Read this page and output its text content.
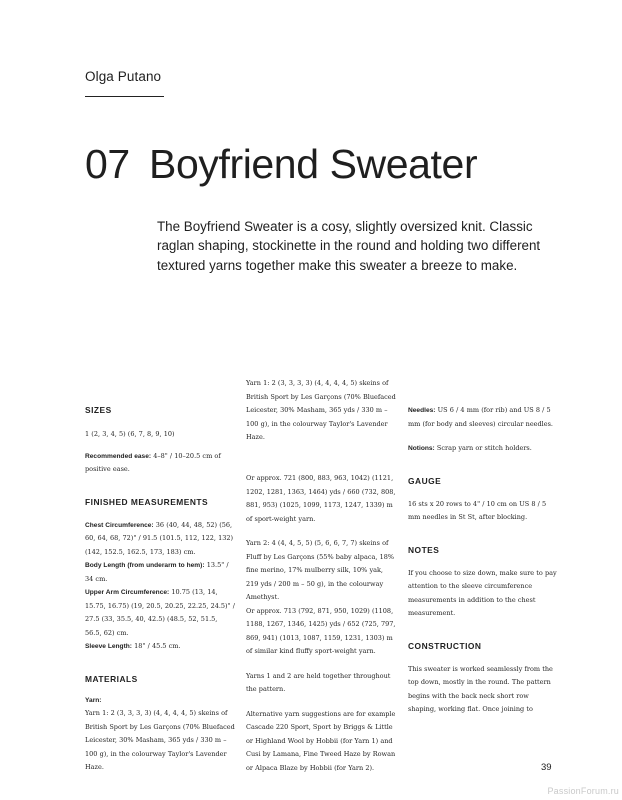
Olga Putano
07 Boyfriend Sweater

The Boyfriend Sweater is a cosy, slightly oversized knit. Classic raglan shaping, stockinette in the round and holding two different textured yarns together make this sweater a breeze to make.

SIZES

1 (2, 3, 4, 5) (6, 7, 8, 9, 10)

Recommended ease: 4–8" / 10–20.5 cm of positive ease.

FINISHED MEASUREMENTS

Chest Circumference: 36 (40, 44, 48, 52) (56, 60, 64, 68, 72)" / 91.5 (101.5, 112, 122, 132) (142, 152.5, 162.5, 173, 183) cm.

Body Length (from underarm to hem): 13.5" / 34 cm.

Upper Arm Circumference: 10.75 (13, 14, 15.75, 16.75) (19, 20.5, 20.25, 22.25, 24.5)" / 27.5 (33, 35.5, 40, 42.5) (48.5, 52, 51.5, 56.5, 62) cm.

Sleeve Length: 18" / 45.5 cm.

MATERIALS

Yarn:

Yarn 1: 2 (3, 3, 3, 3) (4, 4, 4, 4, 5) skeins of British Sport by Les Garçons (70% Bluefaced Leicester, 30% Masham, 365 yds / 330 m – 100 g), in the colourway Taylor's Lavender Haze.

Yarn 1: 2 (3, 3, 3, 3) (4, 4, 4, 4, 5) skeins of British Sport by Les Garçons (70% Bluefaced Leicester, 30% Masham, 365 yds / 330 m – 100 g), in the colourway Taylor's Lavender Haze.

Or approx. 721 (800, 883, 963, 1042) (1121, 1202, 1281, 1363, 1464) yds / 660 (732, 808, 881, 953) (1025, 1099, 1173, 1247, 1339) m of sport-weight yarn.

Yarn 2: 4 (4, 4, 5, 5) (5, 6, 6, 7, 7) skeins of Fluff by Les Garçons (55% baby alpaca, 18% fine merino, 17% mulberry silk, 10% yak, 219 yds / 200 m – 50 g), in the colourway Amethyst.

Or approx. 713 (792, 871, 950, 1029) (1108, 1188, 1267, 1346, 1425) yds / 652 (725, 797, 869, 941) (1013, 1087, 1159, 1231, 1303) m of similar kind fluffy sport-weight yarn.

Yarns 1 and 2 are held together throughout the pattern.

Alternative yarn suggestions are for example Cascade 220 Sport, Sport by Briggs & Little or Highland Wool by Hobbii (for Yarn 1) and Cusi by Lamana, Fine Tweed Haze by Rowan or Alpaca Blaze by Hobbii (for Yarn 2).

Needles: US 6 / 4 mm (for rib) and US 8 / 5 mm (for body and sleeves) circular needles.

Notions: Scrap yarn or stitch holders.

GAUGE

16 sts x 20 rows to 4" / 10 cm on US 8 / 5 mm needles in St St, after blocking.

NOTES

If you choose to size down, make sure to pay attention to the sleeve circumference measurements in addition to the chest measurement.

CONSTRUCTION

This sweater is worked seamlessly from the top down, mostly in the round. The pattern begins with the back neck short row shaping, working flat. Once joining to

39
PassionForum.ru
